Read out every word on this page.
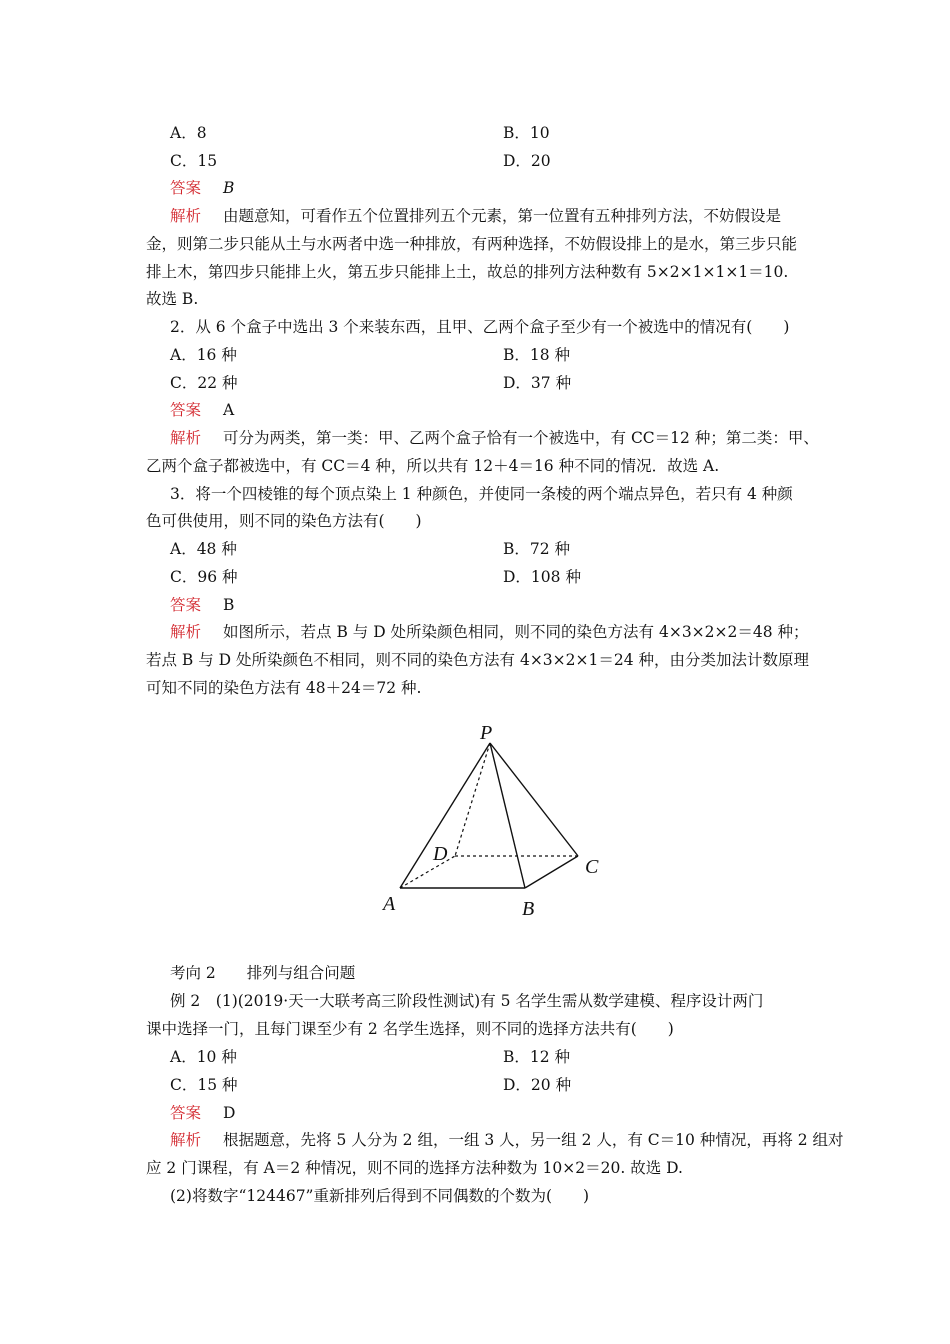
A．8	B．10
C．15	D．20
答案 B
解析 由题意知，可看作五个位置排列五个元素，第一位置有五种排列方法，不妨假设是
金，则第二步只能从土与水两者中选一种排放，有两种选择，不妨假设排上的是水，第三步只能
排上木，第四步只能排上火，第五步只能排上土，故总的排列方法种数有 5×2×1×1×1＝10.
故选 B.
2．从 6 个盒子中选出 3 个来装东西，且甲、乙两个盒子至少有一个被选中的情况有(　　)
A．16 种	B．18 种
C．22 种	D．37 种
答案 A
解析 可分为两类，第一类：甲、乙两个盒子恰有一个被选中，有 CC＝12 种；第二类：甲、
乙两个盒子都被选中，有 CC＝4 种，所以共有 12＋4＝16 种不同的情况．故选 A.
3．将一个四棱锥的每个顶点染上 1 种颜色，并使同一条棱的两个端点异色，若只有 4 种颜
色可供使用，则不同的染色方法有(　　)
A．48 种	B．72 种
C．96 种	D．108 种
答案 B
解析 如图所示，若点 B 与 D 处所染颜色相同，则不同的染色方法有 4×3×2×2＝48 种；
若点 B 与 D 处所染颜色不相同，则不同的染色方法有 4×3×2×1＝24 种，由分类加法计数原理
可知不同的染色方法有 48＋24＝72 种.
P
A	B
C
D
考向 2　　排列与组合问题
例 2　(1)(2019·天一大联考高三阶段性测试)有 5 名学生需从数学建模、程序设计两门
课中选择一门，且每门课至少有 2 名学生选择，则不同的选择方法共有(　　)
A．10 种	B．12 种
C．15 种	D．20 种
答案 D
解析 根据题意，先将 5 人分为 2 组，一组 3 人，另一组 2 人，有 C＝10 种情况，再将 2 组对
应 2 门课程，有 A＝2 种情况，则不同的选择方法种数为 10×2＝20. 故选 D.
(2)将数字“124467”重新排列后得到不同偶数的个数为(　　)
